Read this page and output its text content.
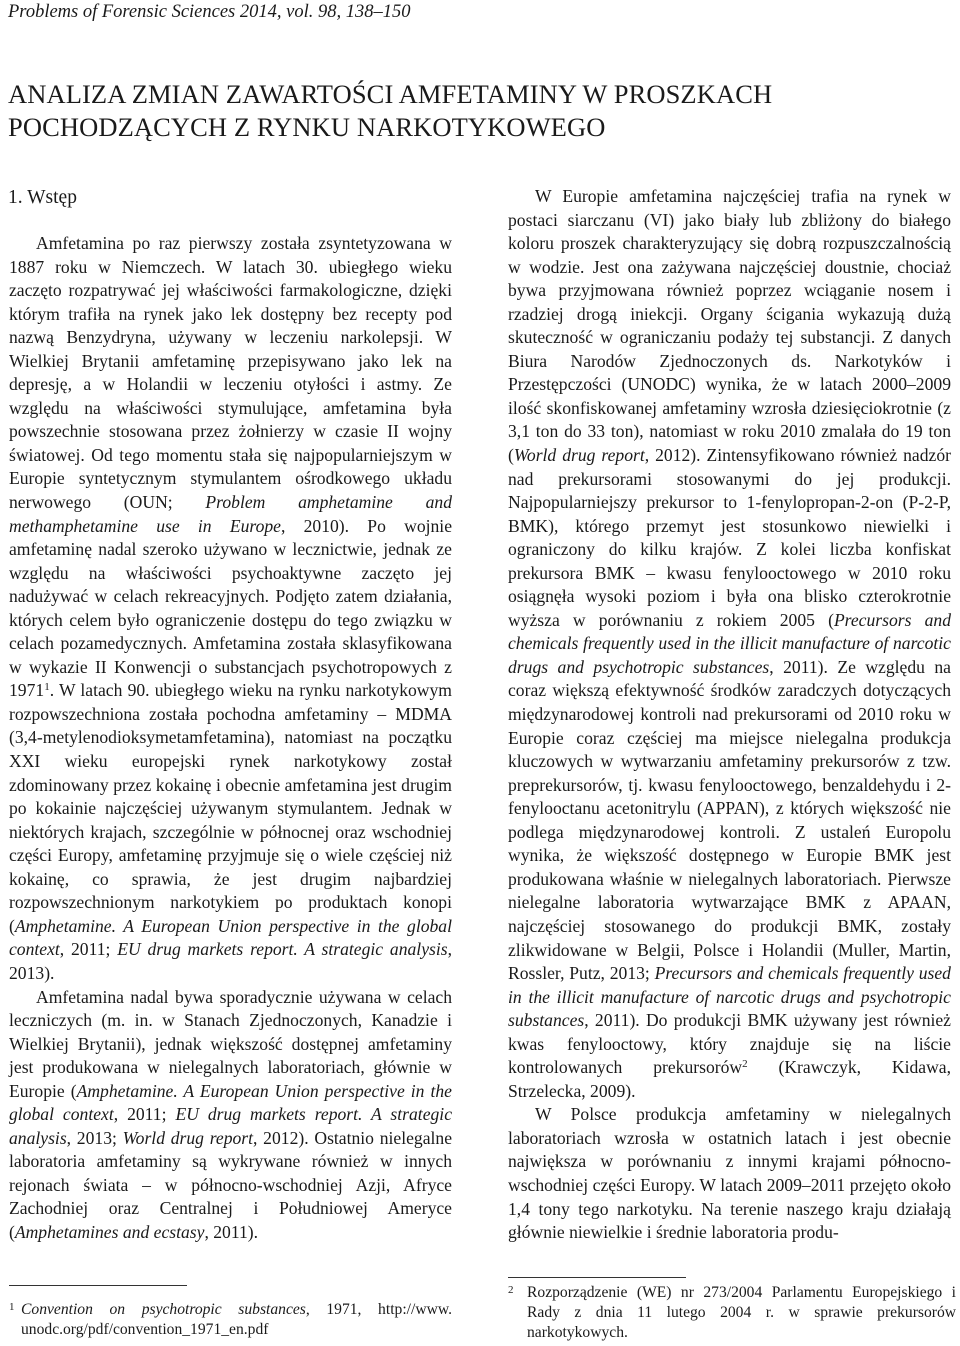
Problems of Forensic Sciences 2014, vol. 98, 138–150
ANALIZA ZMIAN ZAWARTOŚCI AMFETAMINY W PROSZKACH
POCHODZĄCYCH Z RYNKU NARKOTYKOWEGO
1. Wstęp

Amfetamina po raz pierwszy została zsyntetyzowana w 1887 roku w Niemczech. W latach 30. ubiegłego wieku zaczęto rozpatrywać jej właściwości farmakologiczne, dzięki którym trafiła na rynek jako lek dostępny bez recepty pod nazwą Benzydryna, używany w leczeniu narkolepsji. W Wielkiej Brytanii amfetaminę przepisywano jako lek na depresję, a w Holandii w leczeniu otyłości i astmy. Ze względu na właściwości stymulujące, amfetamina była powszechnie stosowana przez żołnierzy w czasie II wojny światowej. Od tego momentu stała się najpopularniejszym w Europie syntetycznym stymulantem ośrodkowego układu nerwowego (OUN; Problem amphetamine and methamphetamine use in Europe, 2010). Po wojnie amfetaminę nadal szeroko używano w lecznictwie, jednak ze względu na właściwości psychoaktywne zaczęto jej nadużywać w celach rekreacyjnych. Podjęto zatem działania, których celem było ograniczenie dostępu do tego związku w celach pozamedycznych. Amfetamina została sklasyfikowana w wykazie II Konwencji o substancjach psychotropowych z 1971$^1$. W latach 90. ubiegłego wieku na rynku narkotykowym rozpowszechniona została pochodna amfetaminy – MDMA (3,4-metylenodioksymetamfetamina), natomiast na początku XXI wieku europejski rynek narkotykowy został zdominowany przez kokainę i obecnie amfetamina jest drugim po kokainie najczęściej używanym stymulantem. Jednak w niektórych krajach, szczególnie w północnej oraz wschodniej części Europy, amfetaminę przyjmuje się o wiele częściej niż kokainę, co sprawia, że jest drugim najbardziej rozpowszechnionym narkotykiem po produktach konopi (Amphetamine. A European Union perspective in the global context, 2011; EU drug markets report. A strategic analysis, 2013).

Amfetamina nadal bywa sporadycznie używana w celach leczniczych (m. in. w Stanach Zjednoczonych, Kanadzie i Wielkiej Brytanii), jednak większość dostępnej amfetaminy jest produkowana w nielegalnych laboratoriach, głównie w Europie (Amphetamine. A European Union perspective in the global context, 2011; EU drug markets report. A strategic analysis, 2013; World drug report, 2012). Ostatnio nielegalne laboratoria amfetaminy są wykrywane również w innych rejonach świata – w północno-wschodniej Azji, Afryce Zachodniej oraz Centralnej i Południowej Ameryce (Amphetamines and ecstasy, 2011).

W Europie amfetamina najczęściej trafia na rynek w postaci siarczanu (VI) jako biały lub zbliżony do białego koloru proszek charakteryzujący się dobrą rozpuszczalnością w wodzie. Jest ona zażywana najczęściej doustnie, chociaż bywa przyjmowana również poprzez wciąganie nosem i rzadziej drogą iniekcji. Organy ścigania wykazują dużą skuteczność w ograniczaniu podaży tej substancji. Z danych Biura Narodów Zjednoczonych ds. Narkotyków i Przestępczości (UNODC) wynika, że w latach 2000–2009 ilość skonfiskowanej amfetaminy wzrosła dziesięciokrotnie (z 3,1 ton do 33 ton), natomiast w roku 2010 zmalała do 19 ton (World drug report, 2012). Zintensyfikowano również nadzór nad prekursorami stosowanymi do jej produkcji. Najpopularniejszy prekursor to 1-fenylopropan-2-on (P-2-P, BMK), którego przemyt jest stosunkowo niewielki i ograniczony do kilku krajów. Z kolei liczba konfiskat prekursora BMK – kwasu fenylooctowego w 2010 roku osiągnęła wysoki poziom i była ona blisko czterokrotnie wyższa w porównaniu z rokiem 2005 (Precursors and chemicals frequently used in the illicit manufacture of narcotic drugs and psychotropic substances, 2011). Ze względu na coraz większą efektywność środków zaradczych dotyczących międzynarodowej kontroli nad prekursorami od 2010 roku w Europie coraz częściej ma miejsce nielegalna produkcja kluczowych w wytwarzaniu amfetaminy prekursorów z tzw. preprekursorów, tj. kwasu fenylooctowego, benzaldehydu i 2-fenylooctanu acetonitrylu (APPAN), z których większość nie podlega międzynarodowej kontroli. Z ustaleń Europolu wynika, że większość dostępnego w Europie BMK jest produkowana właśnie w nielegalnych laboratoriach. Pierwsze nielegalne laboratoria wytwarzające BMK z APAAN, najczęściej stosowanego do produkcji BMK, zostały zlikwidowane w Belgii, Polsce i Holandii (Muller, Martin, Rossler, Putz, 2013; Precursors and chemicals frequently used in the illicit manufacture of narcotic drugs and psychotropic substances, 2011). Do produkcji BMK używany jest również kwas fenylooctowy, który znajduje się na liście kontrolowanych prekursorów$^2$ (Krawczyk, Kidawa, Strzelecka, 2009).

W Polsce produkcja amfetaminy w nielegalnych laboratoriach wzrosła w ostatnich latach i jest obecnie największa w porównaniu z innymi krajami północno-wschodniej części Europy. W latach 2009–2011 przejęto około 1,4 tony tego narkotyku. Na terenie naszego kraju działają głównie niewielkie i średnie laboratoria produ-

1 Convention on psychotropic substances, 1971, http://www. unodc.org/pdf/convention_1971_en.pdf
2 Rozporządzenie (WE) nr 273/2004 Parlamentu Europejskiego i Rady z dnia 11 lutego 2004 r. w sprawie prekursorów narkotykowych.
